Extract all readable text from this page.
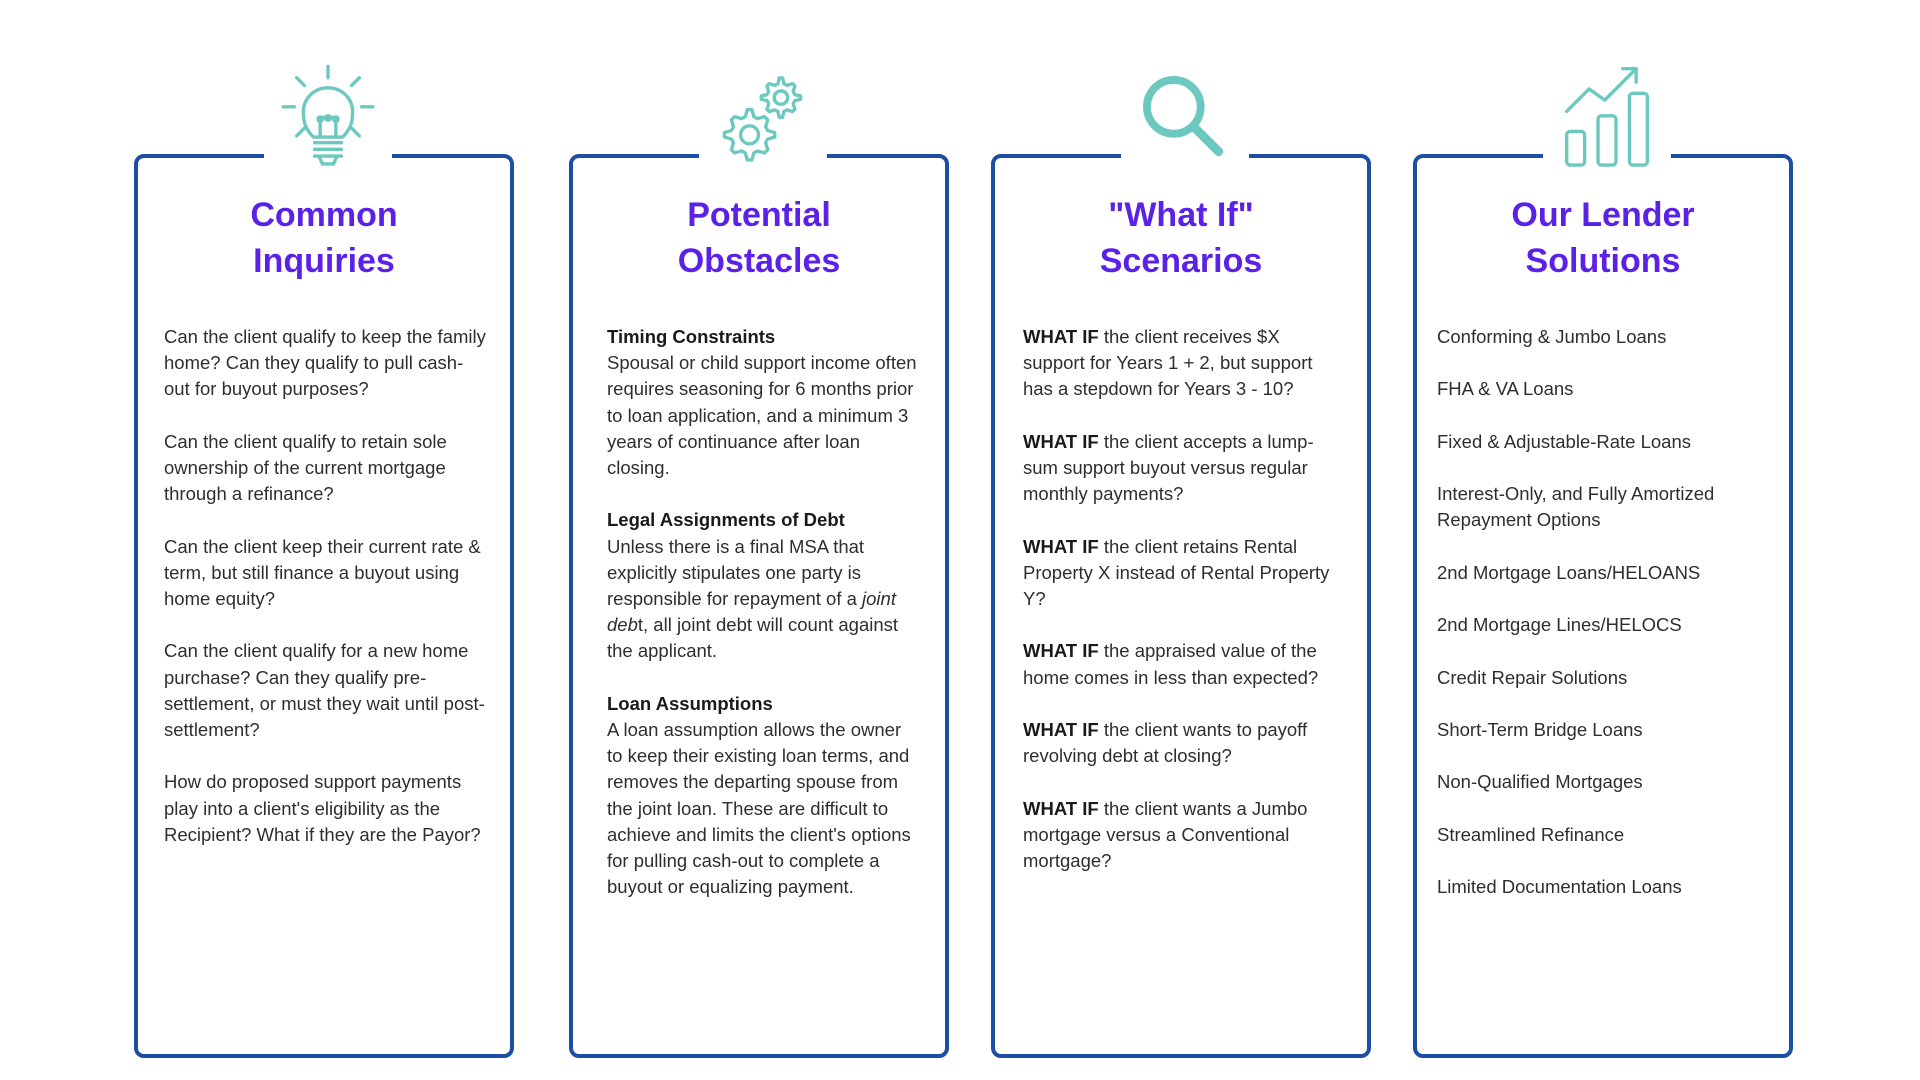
Common
Inquiries

Can the client qualify to keep the family home? Can they qualify to pull cash-out for buyout purposes?

Can the client qualify to retain sole ownership of the current mortgage through a refinance?

Can the client keep their current rate & term, but still finance a buyout using home equity?

Can the client qualify for a new home purchase? Can they qualify pre-settlement, or must they wait until post-settlement?

How do proposed support payments play into a client's eligibility as the Recipient? What if they are the Payor?

Potential
Obstacles

Timing Constraints
Spousal or child support income often requires seasoning for 6 months prior to loan application, and a minimum 3 years of continuance after loan closing.

Legal Assignments of Debt
Unless there is a final MSA that explicitly stipulates one party is responsible for repayment of a joint debt, all joint debt will count against the applicant.

Loan Assumptions
A loan assumption allows the owner to keep their existing loan terms, and removes the departing spouse from the joint loan. These are difficult to achieve and limits the client's options for pulling cash-out to complete a buyout or equalizing payment.

"What If"
Scenarios

WHAT IF the client receives $X support for Years 1 + 2, but support has a stepdown for Years 3 - 10?

WHAT IF the client accepts a lump-sum support buyout versus regular monthly payments?

WHAT IF the client retains Rental Property X instead of Rental Property Y?

WHAT IF the appraised value of the home comes in less than expected?

WHAT IF the client wants to payoff revolving debt at closing?

WHAT IF the client wants a Jumbo mortgage versus a Conventional mortgage?

Our Lender
Solutions

Conforming & Jumbo Loans

FHA & VA Loans

Fixed & Adjustable-Rate Loans

Interest-Only, and Fully Amortized Repayment Options

2nd Mortgage Loans/HELOANS

2nd Mortgage Lines/HELOCS

Credit Repair Solutions

Short-Term Bridge Loans

Non-Qualified Mortgages

Streamlined Refinance

Limited Documentation Loans
